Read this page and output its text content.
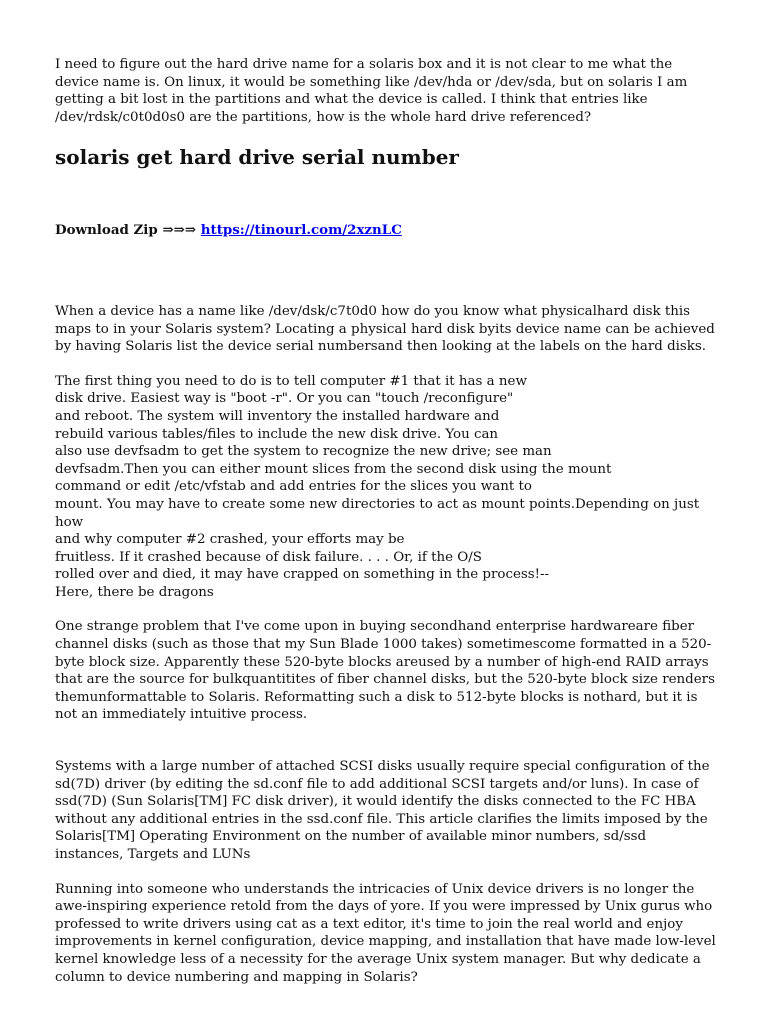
I need to figure out the hard drive name for a solaris box and it is not clear to me what the device name is. On linux, it would be something like /dev/hda or /dev/sda, but on solaris I am getting a bit lost in the partitions and what the device is called. I think that entries like /dev/rdsk/c0t0d0s0 are the partitions, how is the whole hard drive referenced?

solaris get hard drive serial number

Download Zip ⇒⇒⇒ https://tinourl.com/2xznLC

When a device has a name like /dev/dsk/c7t0d0 how do you know what physicalhard disk this maps to in your Solaris system? Locating a physical hard disk byits device name can be achieved by having Solaris list the device serial numbersand then looking at the labels on the hard disks.

The first thing you need to do is to tell computer #1 that it has a new
disk drive. Easiest way is "boot -r". Or you can "touch /reconfigure"
and reboot. The system will inventory the installed hardware and
rebuild various tables/files to include the new disk drive. You can
also use devfsadm to get the system to recognize the new drive; see man
devfsadm.Then you can either mount slices from the second disk using the mount
command or edit /etc/vfstab and add entries for the slices you want to
mount. You may have to create some new directories to act as mount points.Depending on just how
and why computer #2 crashed, your efforts may be
fruitless. If it crashed because of disk failure. . . . Or, if the O/S
rolled over and died, it may have crapped on something in the process!--
Here, there be dragons

One strange problem that I've come upon in buying secondhand enterprise hardwareare fiber channel disks (such as those that my Sun Blade 1000 takes) sometimescome formatted in a 520-byte block size. Apparently these 520-byte blocks areused by a number of high-end RAID arrays that are the source for bulkquantitites of fiber channel disks, but the 520-byte block size renders themunformattable to Solaris. Reformatting such a disk to 512-byte blocks is nothard, but it is not an immediately intuitive process.

Systems with a large number of attached SCSI disks usually require special configuration of the sd(7D) driver (by editing the sd.conf file to add additional SCSI targets and/or luns). In case of ssd(7D) (Sun Solaris[TM] FC disk driver), it would identify the disks connected to the FC HBA without any additional entries in the ssd.conf file. This article clarifies the limits imposed by the Solaris[TM] Operating Environment on the number of available minor numbers, sd/ssd instances, Targets and LUNs

Running into someone who understands the intricacies of Unix device drivers is no longer the awe-inspiring experience retold from the days of yore. If you were impressed by Unix gurus who professed to write drivers using cat as a text editor, it's time to join the real world and enjoy improvements in kernel configuration, device mapping, and installation that have made low-level kernel knowledge less of a necessity for the average Unix system manager. But why dedicate a column to device numbering and mapping in Solaris?
